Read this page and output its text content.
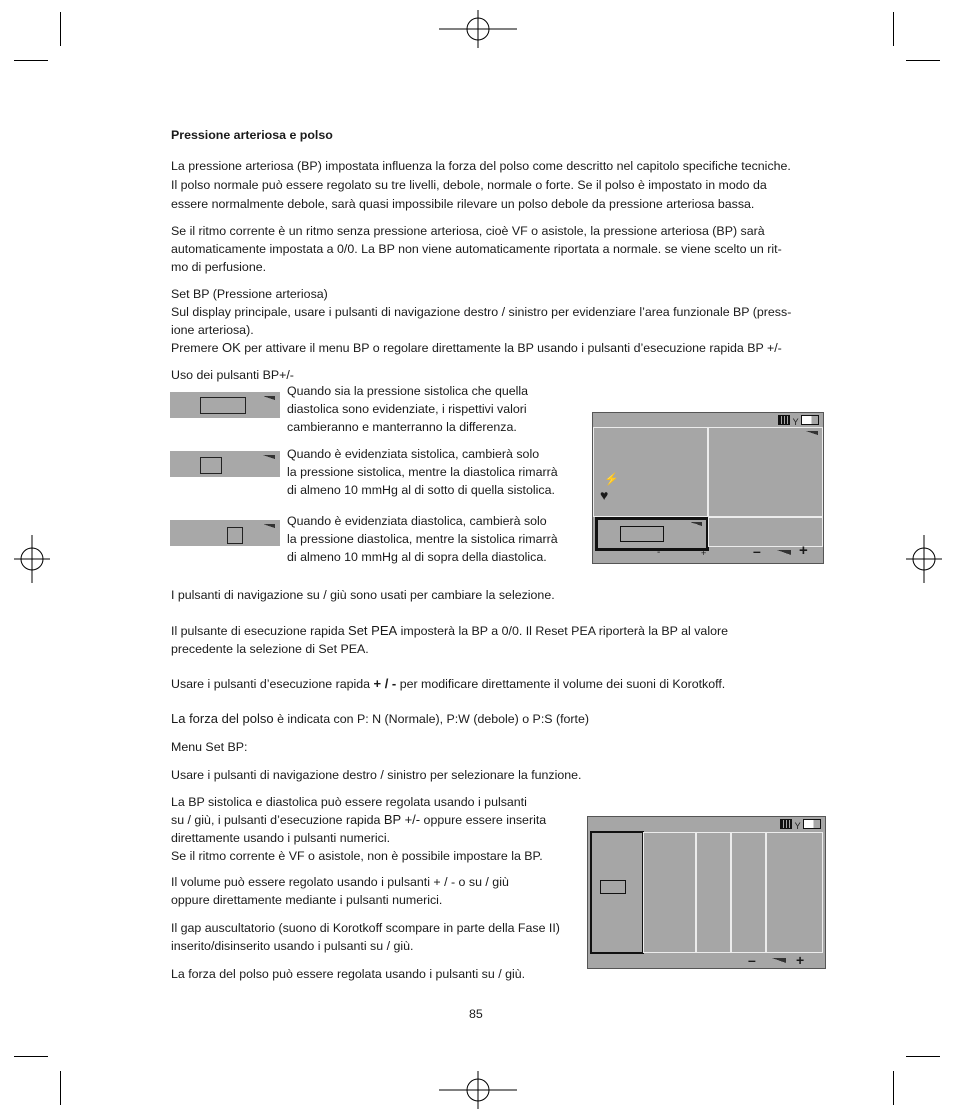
Pressione arteriosa e polso
La pressione arteriosa (BP) impostata influenza la forza del polso come descritto nel capitolo specifiche tecniche.
Il polso normale può essere regolato su tre livelli, debole, normale o forte. Se il polso è impostato in modo da
essere normalmente debole, sarà quasi impossibile rilevare un polso debole da pressione arteriosa bassa.
Se il ritmo corrente è un ritmo senza pressione arteriosa, cioè VF o asistole, la pressione arteriosa (BP) sarà
automaticamente impostata a 0/0. La BP non viene automaticamente riportata a normale. se viene scelto un rit-
mo di perfusione.
Set BP (Pressione arteriosa)
Sul display principale, usare i pulsanti di navigazione destro / sinistro per evidenziare l’area funzionale BP (press-
ione arteriosa).
Premere OK per attivare il menu BP o regolare direttamente la BP usando i pulsanti d’esecuzione rapida BP +/-
Uso dei pulsanti BP+/-
Quando sia la pressione sistolica che quella
diastolica sono evidenziate, i rispettivi valori
cambieranno e manterranno la differenza.
Quando è evidenziata sistolica, cambierà solo
la pressione sistolica, mentre la diastolica rimarrà
di almeno 10 mmHg al di sotto di quella sistolica.
Quando è evidenziata diastolica, cambierà solo
la pressione diastolica, mentre la sistolica rimarrà
di almeno 10 mmHg al di sopra della diastolica.
Y
⚡
♥
-	+	–	+
I pulsanti di navigazione su / giù sono usati per cambiare la selezione.
Il pulsante di esecuzione rapida Set PEA imposterà la BP a 0/0. Il Reset PEA riporterà la BP al valore
precedente la selezione di Set PEA.
Usare i pulsanti d’esecuzione rapida + / - per modificare direttamente il volume dei suoni di Korotkoff.
La forza del polso è indicata con P: N (Normale), P:W (debole) o P:S (forte)
Menu Set BP:
Usare i pulsanti di navigazione destro / sinistro per selezionare la funzione.
La BP sistolica e diastolica può essere regolata usando i pulsanti
su / giù, i pulsanti d’esecuzione rapida BP +/- oppure essere inserita
direttamente usando i pulsanti numerici.
Se il ritmo corrente è VF o asistole, non è possibile impostare la BP.
Il volume può essere regolato usando i pulsanti + / - o su / giù
oppure direttamente mediante i pulsanti numerici.
Il gap auscultatorio (suono di Korotkoff scompare in parte della Fase II)
inserito/disinserito usando i pulsanti su / giù.
La forza del polso può essere regolata usando i pulsanti su / giù.
Y
–	+
85
